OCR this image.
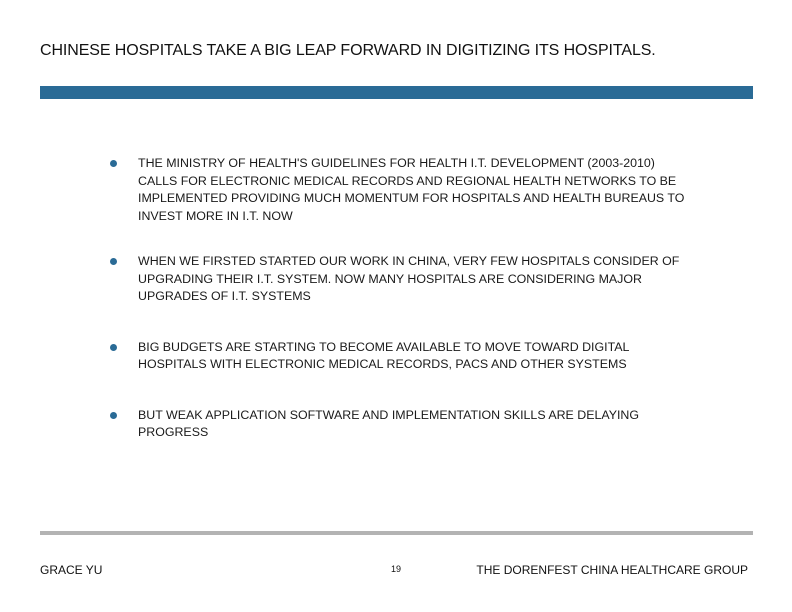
CHINESE HOSPITALS TAKE A BIG LEAP FORWARD IN DIGITIZING ITS HOSPITALS.
THE MINISTRY OF HEALTH'S GUIDELINES FOR HEALTH I.T. DEVELOPMENT (2003-2010) CALLS FOR ELECTRONIC MEDICAL RECORDS AND REGIONAL HEALTH NETWORKS TO BE IMPLEMENTED PROVIDING MUCH MOMENTUM FOR HOSPITALS AND HEALTH BUREAUS TO INVEST MORE IN I.T. NOW
WHEN WE FIRSTED STARTED OUR WORK IN CHINA, VERY FEW HOSPITALS CONSIDER OF UPGRADING THEIR I.T. SYSTEM. NOW MANY HOSPITALS ARE CONSIDERING MAJOR UPGRADES OF I.T. SYSTEMS
BIG BUDGETS ARE STARTING TO BECOME AVAILABLE TO MOVE TOWARD DIGITAL HOSPITALS WITH ELECTRONIC MEDICAL RECORDS, PACS AND OTHER SYSTEMS
BUT WEAK APPLICATION SOFTWARE AND IMPLEMENTATION SKILLS ARE DELAYING PROGRESS
GRACE YU	19	THE DORENFEST CHINA HEALTHCARE GROUP
